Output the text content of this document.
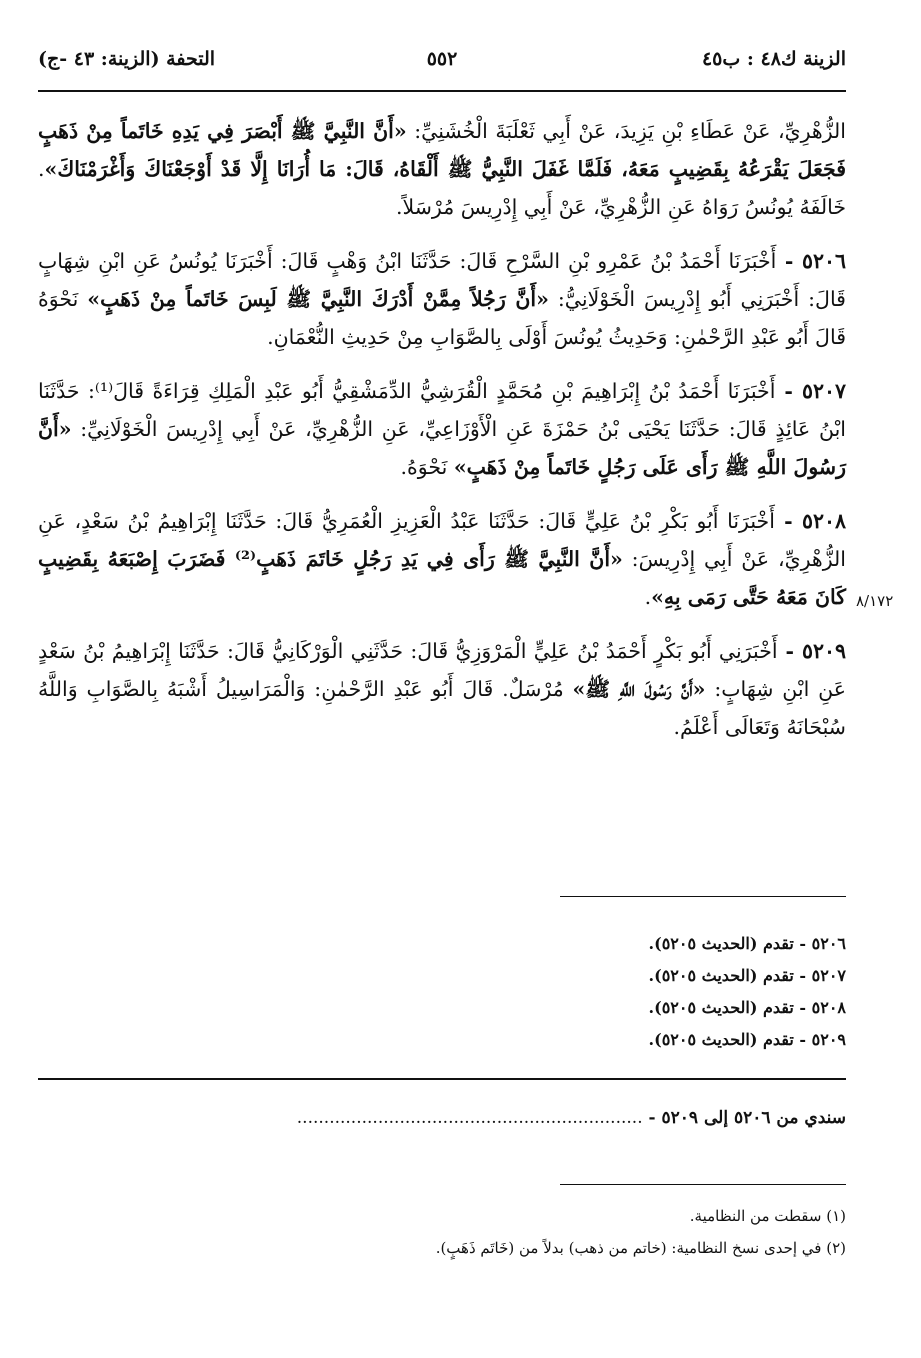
الزينة ك٤٨ : ب٤٥
٥٥٢
التحفة (الزينة: ٤٣ -ج)

الزُّهْرِيِّ، عَنْ عَطَاءِ بْنِ يَزِيدَ، عَنْ أَبِي ثَعْلَبَةَ الْخُشَنِيِّ: «أَنَّ النَّبِيَّ ﷺ أَبْصَرَ فِي يَدِهِ خَاتَماً مِنْ ذَهَبٍ فَجَعَلَ يَقْرَعُهُ بِقَضِيبٍ مَعَهُ، فَلَمَّا غَفَلَ النَّبِيُّ ﷺ أَلْقَاهُ، قَالَ: مَا أُرَانَا إِلَّا قَدْ أَوْجَعْنَاكَ وَأَغْرَمْنَاكَ». خَالَفَهُ يُونُسُ رَوَاهُ عَنِ الزُّهْرِيِّ، عَنْ أَبِي إِدْرِيسَ مُرْسَلاً.

٥٢٠٦ - أَخْبَرَنَا أَحْمَدُ بْنُ عَمْرِو بْنِ السَّرْحِ قَالَ: حَدَّثَنَا ابْنُ وَهْبٍ قَالَ: أَخْبَرَنَا يُونُسُ عَنِ ابْنِ شِهَابٍ قَالَ: أَخْبَرَنِي أَبُو إِدْرِيسَ الْخَوْلَانِيُّ: «أَنَّ رَجُلاً مِمَّنْ أَدْرَكَ النَّبِيَّ ﷺ لَبِسَ خَاتَماً مِنْ ذَهَبٍ» نَحْوَهُ قَالَ أَبُو عَبْدِ الرَّحْمٰنِ: وَحَدِيثُ يُونُسَ أَوْلَى بِالصَّوَابِ مِنْ حَدِيثِ النُّعْمَانِ.

٥٢٠٧ - أَخْبَرَنَا أَحْمَدُ بْنُ إِبْرَاهِيمَ بْنِ مُحَمَّدٍ الْقُرَشِيُّ الدِّمَشْقِيُّ أَبُو عَبْدِ الْمَلِكِ قِرَاءَةً قَالَ⁽¹⁾: حَدَّثَنَا ابْنُ عَائِذٍ قَالَ: حَدَّثَنَا يَحْيَى بْنُ حَمْزَةَ عَنِ الْأَوْزَاعِيِّ، عَنِ الزُّهْرِيِّ، عَنْ أَبِي إِدْرِيسَ الْخَوْلَانِيِّ: «أَنَّ رَسُولَ اللَّهِ ﷺ رَأَى عَلَى رَجُلٍ خَاتَماً مِنْ ذَهَبٍ» نَحْوَهُ.

٥٢٠٨ - أَخْبَرَنَا أَبُو بَكْرِ بْنُ عَلِيٍّ قَالَ: حَدَّثَنَا عَبْدُ الْعَزِيزِ الْعُمَرِيُّ قَالَ: حَدَّثَنَا إِبْرَاهِيمُ بْنُ سَعْدٍ، عَنِ الزُّهْرِيِّ، عَنْ أَبِي إِدْرِيسَ: «أَنَّ النَّبِيَّ ﷺ رَأَى فِي يَدِ رَجُلٍ خَاتَمَ ذَهَبٍ⁽²⁾ فَضَرَبَ إِصْبَعَهُ بِقَضِيبٍ كَانَ مَعَهُ حَتَّى رَمَى بِهِ».

٥٢٠٩ - أَخْبَرَنِي أَبُو بَكْرٍ أَحْمَدُ بْنُ عَلِيٍّ الْمَرْوَزِيُّ قَالَ: حَدَّثَنِي الْوَرْكَانِيُّ قَالَ: حَدَّثَنَا إِبْرَاهِيمُ بْنُ سَعْدٍ عَنِ ابْنِ شِهَابٍ: «أَنَّ رَسُولَ اللَّهِ ﷺ» مُرْسَلٌ. قَالَ أَبُو عَبْدِ الرَّحْمٰنِ: وَالْمَرَاسِيلُ أَشْبَهُ بِالصَّوَابِ وَاللَّهُ سُبْحَانَهُ وَتَعَالَى أَعْلَمُ.

٨/١٧٢
٥٢٠٦ - تقدم (الحديث ٥٢٠٥).
٥٢٠٧ - تقدم (الحديث ٥٢٠٥).
٥٢٠٨ - تقدم (الحديث ٥٢٠٥).
٥٢٠٩ - تقدم (الحديث ٥٢٠٥).
سندي من ٥٢٠٦ إلى ٥٢٠٩ - ................................................................
(١) سقطت من النظامية.
(٢) في إحدى نسخ النظامية: (خاتم من ذهب) بدلاً من (خَاتَم ذَهَبٍ).
